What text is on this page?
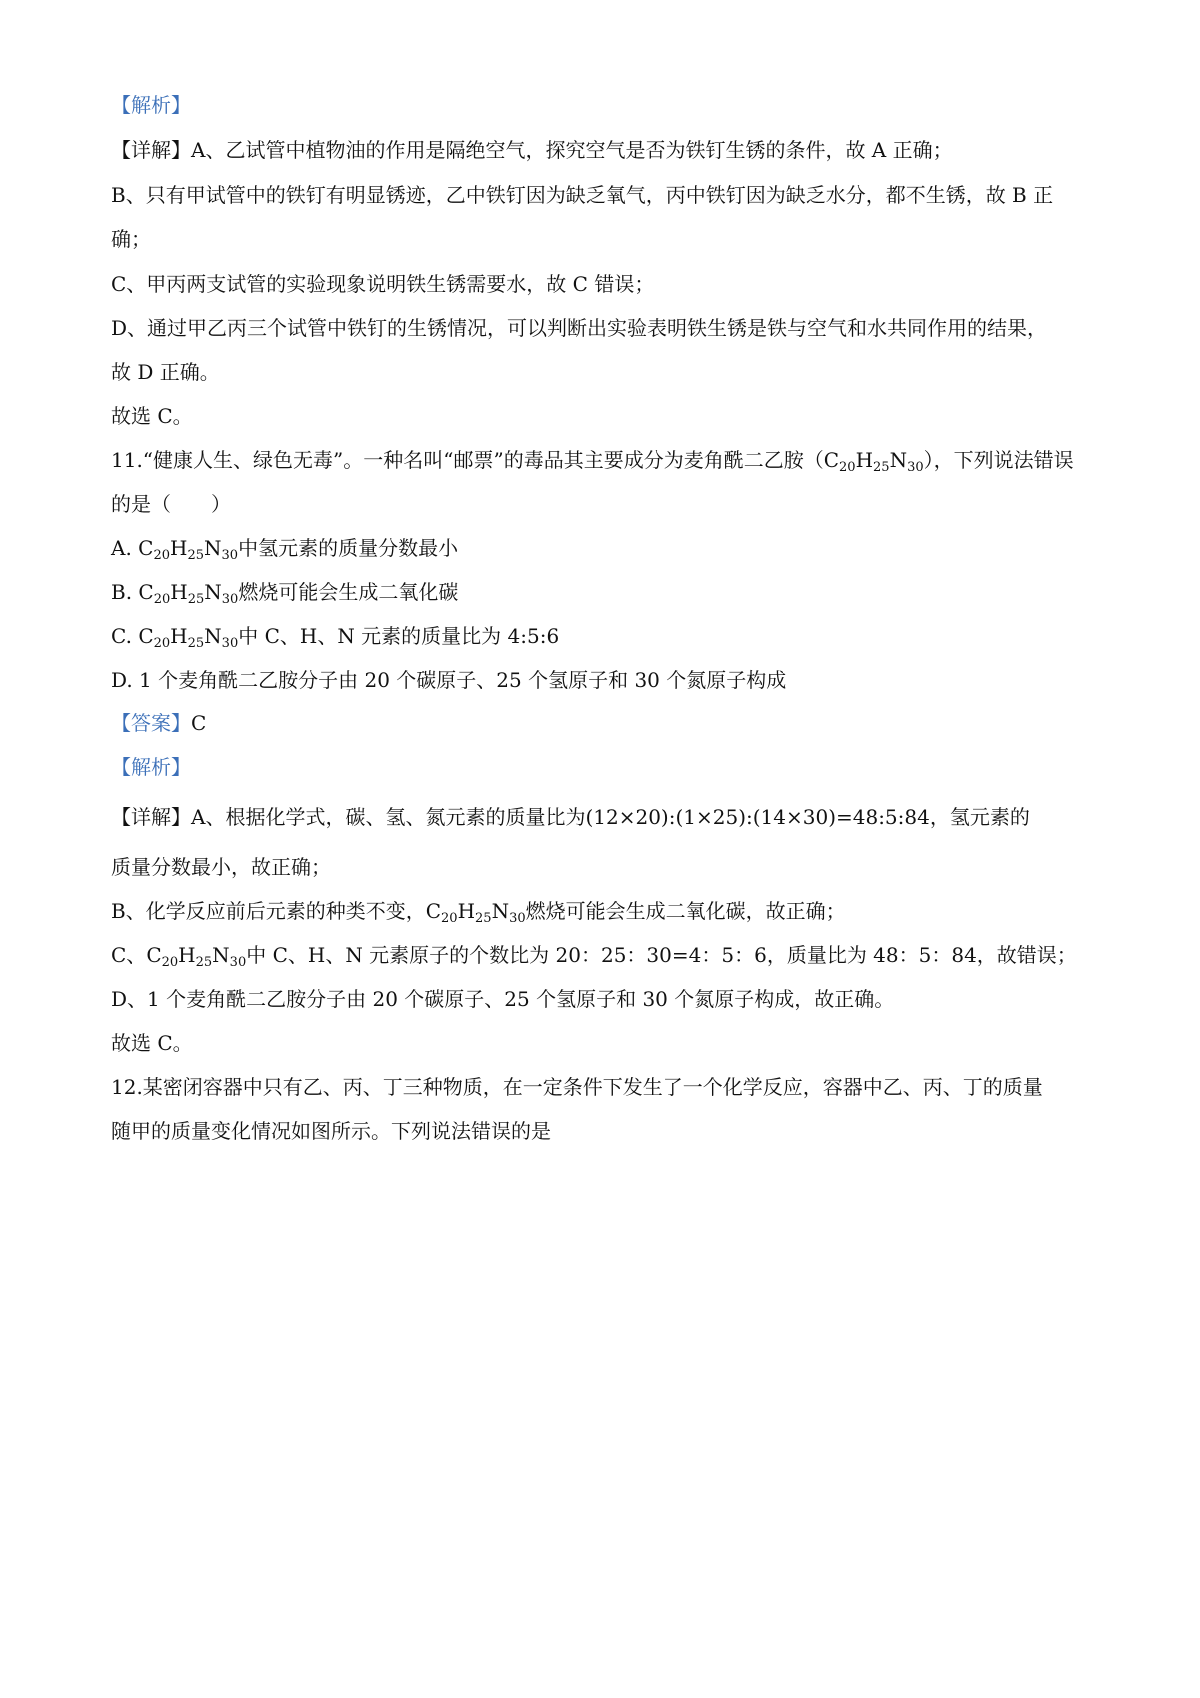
【解析】
【详解】A、乙试管中植物油的作用是隔绝空气，探究空气是否为铁钉生锈的条件，故 A 正确；
B、只有甲试管中的铁钉有明显锈迹，乙中铁钉因为缺乏氧气，丙中铁钉因为缺乏水分，都不生锈，故 B 正
确；
C、甲丙两支试管的实验现象说明铁生锈需要水，故 C 错误；
D、通过甲乙丙三个试管中铁钉的生锈情况，可以判断出实验表明铁生锈是铁与空气和水共同作用的结果，
故 D 正确。
故选 C。
11.“健康人生、绿色无毒”。一种名叫“邮票”的毒品其主要成分为麦角酰二乙胺$(C_{20}H_{25}N_{30})$，下列说法错误
的是（　　）
A. $C_{20}H_{25}N_{30}$中氢元素的质量分数最小
B. $C_{20}H_{25}N_{30}$燃烧可能会生成二氧化碳
C. $C_{20}H_{25}N_{30}$中 C、H、N 元素的质量比为 4:5:6
D. 1 个麦角酰二乙胺分子由 20 个碳原子、25 个氢原子和 30 个氮原子构成
【答案】C
【解析】
【详解】A、根据化学式，碳、氢、氮元素的质量比为(12×20):(1×25):(14×30)=48:5:84，氢元素的
质量分数最小，故正确；
B、化学反应前后元素的种类不变，$C_{20}H_{25}N_{30}$燃烧可能会生成二氧化碳，故正确；
C、$C_{20}H_{25}N_{30}$中 C、H、N 元素原子的个数比为 20：25：30=4：5：6，质量比为 48：5：84，故错误；
D、1 个麦角酰二乙胺分子由 20 个碳原子、25 个氢原子和 30 个氮原子构成，故正确。
故选 C。
12.某密闭容器中只有乙、丙、丁三种物质，在一定条件下发生了一个化学反应，容器中乙、丙、丁的质量
随甲的质量变化情况如图所示。下列说法错误的是
